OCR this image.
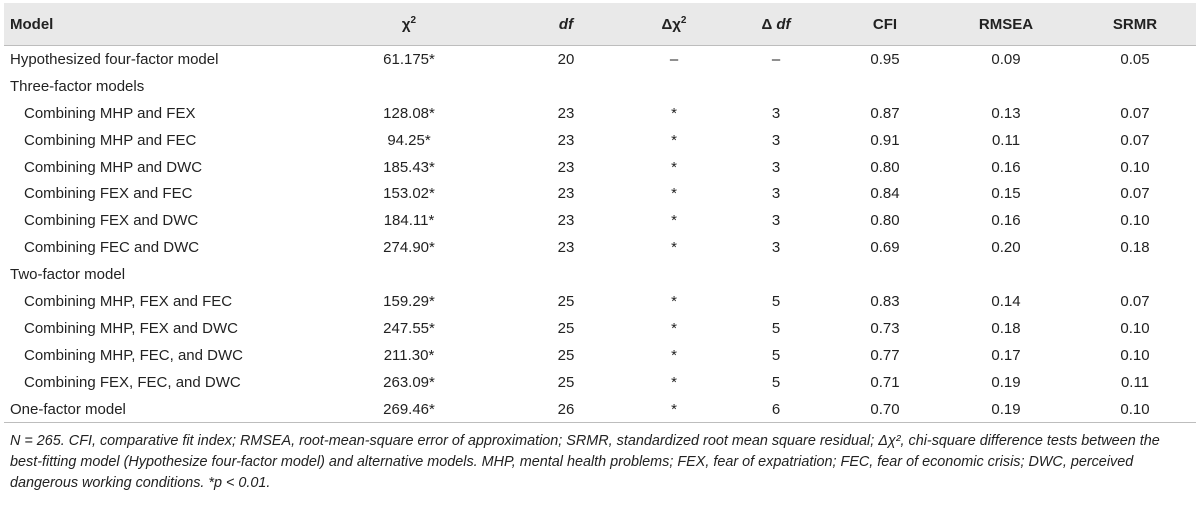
Model	$\chi^2$	df	$\Delta\chi^2$	Δ df	CFI	RMSEA	SRMR
Hypothesized four-factor model	61.175*	20	–	–	0.95	0.09	0.05
Three-factor models							
Combining MHP and FEX	128.08*	23	*	3	0.87	0.13	0.07
Combining MHP and FEC	94.25*	23	*	3	0.91	0.11	0.07
Combining MHP and DWC	185.43*	23	*	3	0.80	0.16	0.10
Combining FEX and FEC	153.02*	23	*	3	0.84	0.15	0.07
Combining FEX and DWC	184.11*	23	*	3	0.80	0.16	0.10
Combining FEC and DWC	274.90*	23	*	3	0.69	0.20	0.18
Two-factor model							
Combining MHP, FEX and FEC	159.29*	25	*	5	0.83	0.14	0.07
Combining MHP, FEX and DWC	247.55*	25	*	5	0.73	0.18	0.10
Combining MHP, FEC, and DWC	211.30*	25	*	5	0.77	0.17	0.10
Combining FEX, FEC, and DWC	263.09*	25	*	5	0.71	0.19	0.11
One-factor model	269.46*	26	*	6	0.70	0.19	0.10
N = 265. CFI, comparative fit index; RMSEA, root-mean-square error of approximation; SRMR, standardized root mean square residual; Δχ², chi-square difference tests between the best-fitting model (Hypothesize four-factor model) and alternative models. MHP, mental health problems; FEX, fear of expatriation; FEC, fear of economic crisis; DWC, perceived dangerous working conditions. *p < 0.01.
